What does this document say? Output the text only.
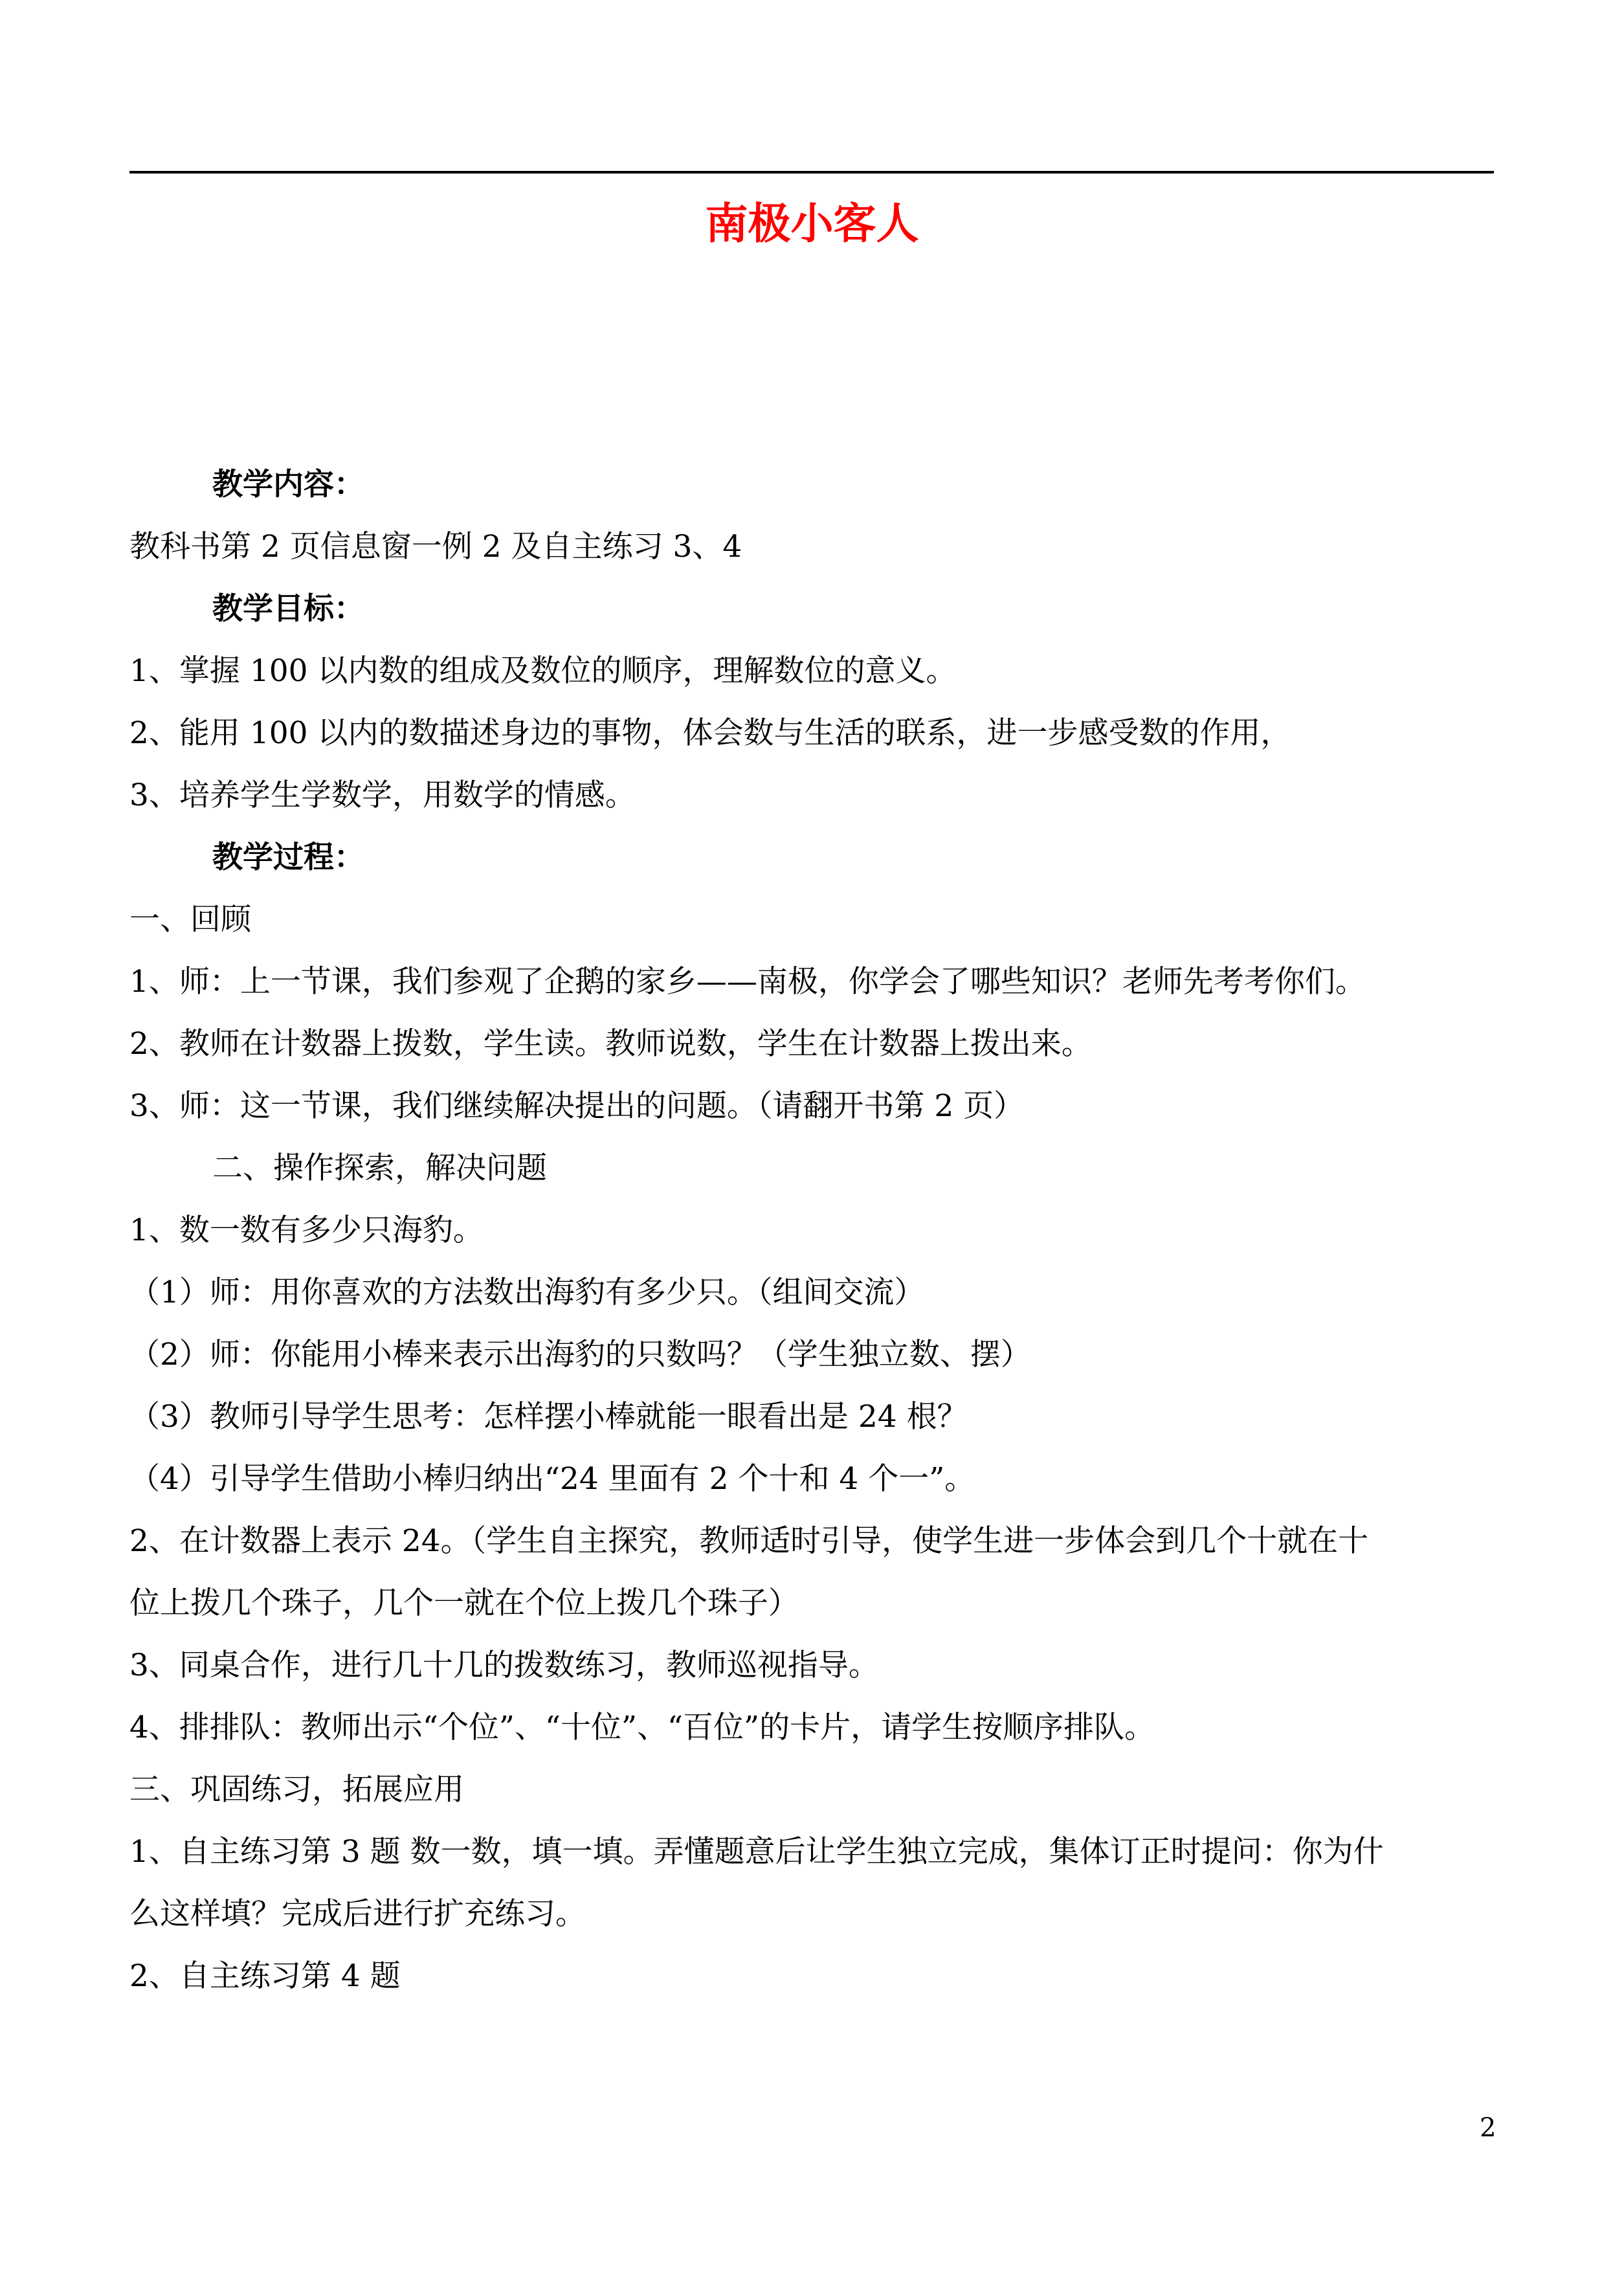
南极小客人
教学内容：
教科书第 2 页信息窗一例 2 及自主练习 3、4
教学目标：
1、掌握 100 以内数的组成及数位的顺序，理解数位的意义。
2、能用 100 以内的数描述身边的事物，体会数与生活的联系，进一步感受数的作用，
3、培养学生学数学，用数学的情感。
教学过程：
一、回顾
1、师：上一节课，我们参观了企鹅的家乡——南极，你学会了哪些知识？老师先考考你们。
2、教师在计数器上拨数，学生读。教师说数，学生在计数器上拨出来。
3、师：这一节课，我们继续解决提出的问题。（请翻开书第 2 页）
二、操作探索，解决问题
1、数一数有多少只海豹。
（1）师：用你喜欢的方法数出海豹有多少只。（组间交流）
（2）师：你能用小棒来表示出海豹的只数吗？（学生独立数、摆）
（3）教师引导学生思考：怎样摆小棒就能一眼看出是 24 根？
（4）引导学生借助小棒归纳出“24 里面有 2 个十和 4 个一”。
2、在计数器上表示 24。（学生自主探究，教师适时引导，使学生进一步体会到几个十就在十
位上拨几个珠子，几个一就在个位上拨几个珠子）
3、同桌合作，进行几十几的拨数练习，教师巡视指导。
4、排排队：教师出示“个位”、“十位”、“百位”的卡片，请学生按顺序排队。
三、巩固练习，拓展应用
1、自主练习第 3 题 数一数，填一填。弄懂题意后让学生独立完成，集体订正时提问：你为什
么这样填？完成后进行扩充练习。
2、自主练习第 4 题
2
